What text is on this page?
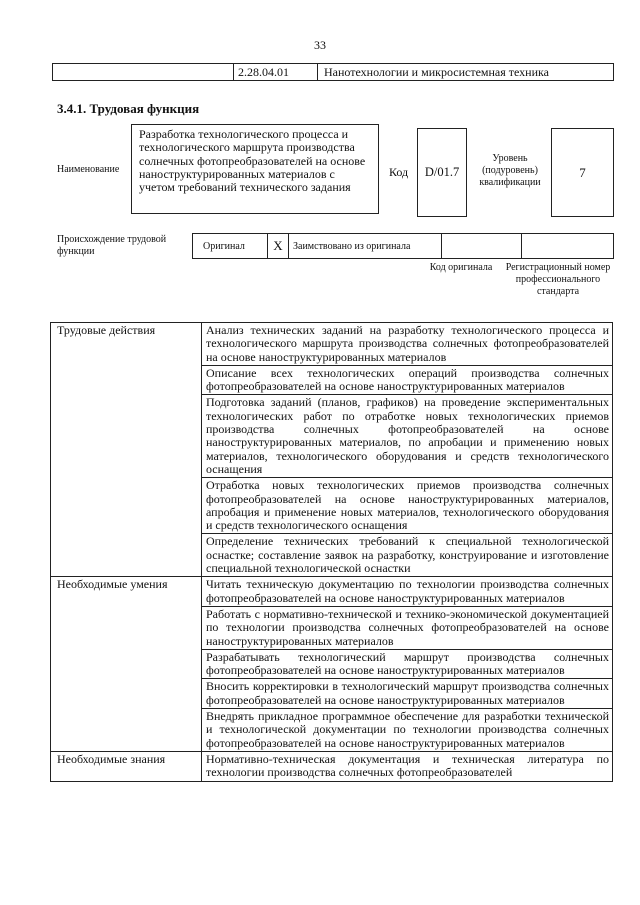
33
2.28.04.01	Нанотехнологии и микросистемная техника
3.4.1. Трудовая функция
Наименование
Разработка технологического процесса и технологического маршрута производства солнечных фотопреобразователей на основе наноструктурированных материалов с учетом требований технического задания
Код	D/01.7
Уровень (подуровень) квалификации
7
Происхождение трудовой функции	Оригинал	X	Заимствовано из оригинала
Код оригинала	Регистрационный номер профессионального стандарта
Трудовые действия	Анализ технических заданий на разработку технологического процесса и технологического маршрута производства солнечных фотопреобразователей на основе наноструктурированных материалов
	Описание всех технологических операций производства солнечных фотопреобразователей на основе наноструктурированных материалов
	Подготовка заданий (планов, графиков) на проведение экспериментальных технологических работ по отработке новых технологических приемов производства солнечных фотопреобразователей на основе наноструктурированных материалов, по апробации и применению новых материалов, технологического оборудования и средств технологического оснащения
	Отработка новых технологических приемов производства солнечных фотопреобразователей на основе наноструктурированных материалов, апробация и применение новых материалов, технологического оборудования и средств технологического оснащения
	Определение технических требований к специальной технологической оснастке; составление заявок на разработку, конструирование и изготовление специальной технологической оснастки
Необходимые умения	Читать техническую документацию по технологии производства солнечных фотопреобразователей на основе наноструктурированных материалов
	Работать с нормативно-технической и технико-экономической документацией по технологии производства солнечных фотопреобразователей на основе наноструктурированных материалов
	Разрабатывать технологический маршрут производства солнечных фотопреобразователей на основе наноструктурированных материалов
	Вносить корректировки в технологический маршрут производства солнечных фотопреобразователей на основе наноструктурированных материалов
	Внедрять прикладное программное обеспечение для разработки технической и технологической документации по технологии производства солнечных фотопреобразователей на основе наноструктурированных материалов
Необходимые знания	Нормативно-техническая документация и техническая литература по технологии производства солнечных фотопреобразователей
